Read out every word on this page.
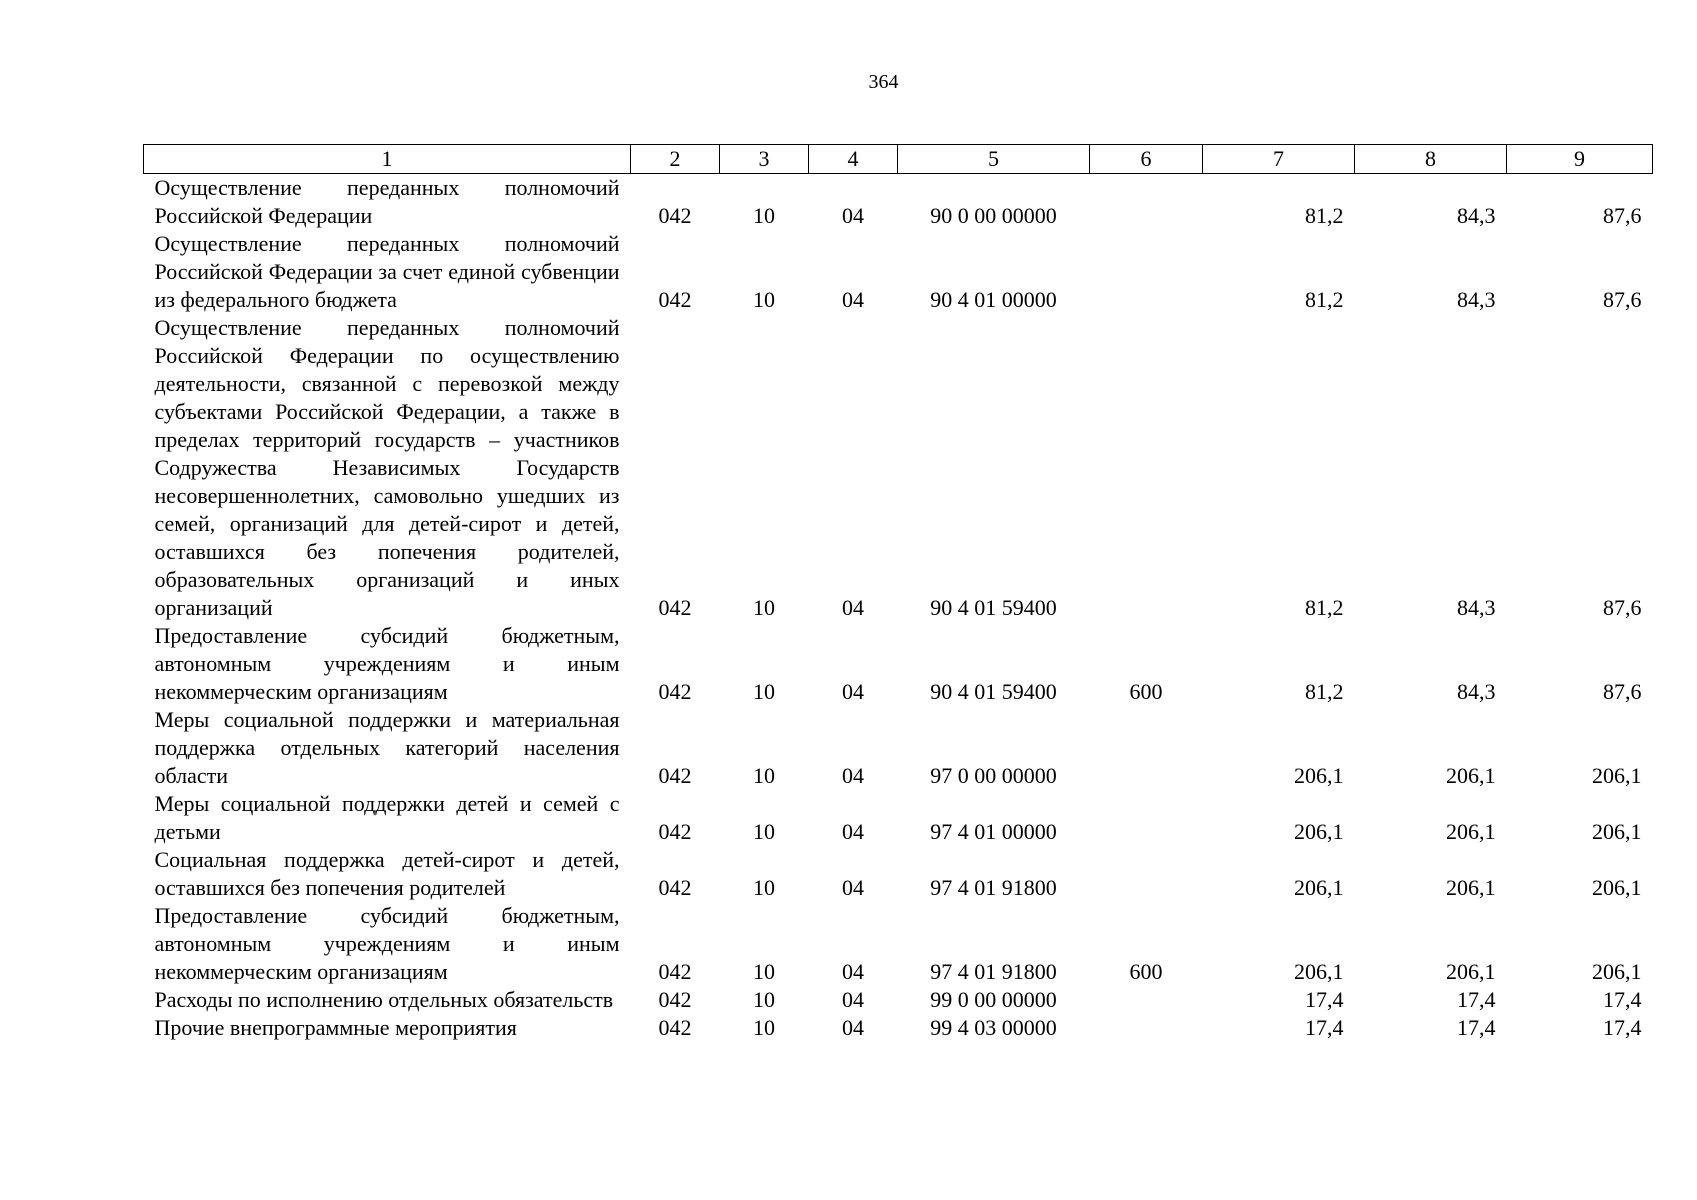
364
1	2	3	4	5	6	7	8	9
Осуществление переданных полномочий Российской Федерации	042	10	04	90 0 00 00000		81,2	84,3	87,6
Осуществление переданных полномочий Российской Федерации за счет единой субвенции из федерального бюджета	042	10	04	90 4 01 00000		81,2	84,3	87,6
Осуществление переданных полномочий Российской Федерации по осуществлению деятельности, связанной с перевозкой между субъектами Российской Федерации, а также в пределах территорий государств – участников Содружества Независимых Государств несовершеннолетних, самовольно ушедших из семей, организаций для детей-сирот и детей, оставшихся без попечения родителей, образовательных организаций и иных организаций	042	10	04	90 4 01 59400		81,2	84,3	87,6
Предоставление субсидий бюджетным, автономным учреждениям и иным некоммерческим организациям	042	10	04	90 4 01 59400	600	81,2	84,3	87,6
Меры социальной поддержки и материальная поддержка отдельных категорий населения области	042	10	04	97 0 00 00000		206,1	206,1	206,1
Меры социальной поддержки детей и семей с детьми	042	10	04	97 4 01 00000		206,1	206,1	206,1
Социальная поддержка детей-сирот и детей, оставшихся без попечения родителей	042	10	04	97 4 01 91800		206,1	206,1	206,1
Предоставление субсидий бюджетным, автономным учреждениям и иным некоммерческим организациям	042	10	04	97 4 01 91800	600	206,1	206,1	206,1
Расходы по исполнению отдельных обязательств	042	10	04	99 0 00 00000		17,4	17,4	17,4
Прочие внепрограммные мероприятия	042	10	04	99 4 03 00000		17,4	17,4	17,4
